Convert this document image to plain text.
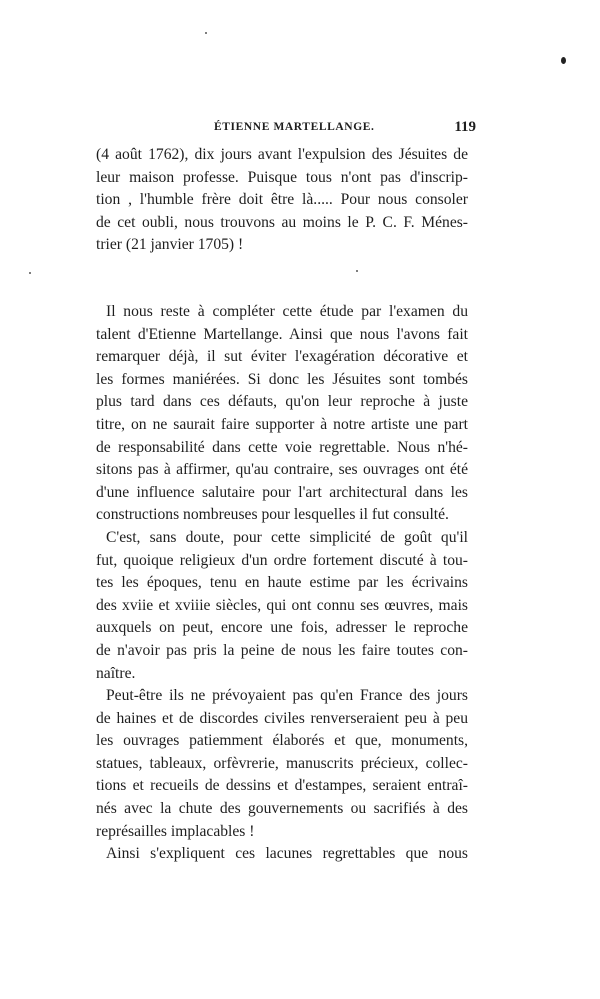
ÉTIENNE MARTELLANGE.	119
(4 août 1762), dix jours avant l'expulsion des Jésuites de
leur maison professe. Puisque tous n'ont pas d'inscrip-
tion , l'humble frère doit être là..... Pour nous consoler
de cet oubli, nous trouvons au moins le P. C. F. Ménes-
trier (21 janvier 1705) !
Il nous reste à compléter cette étude par l'examen du
talent d'Etienne Martellange. Ainsi que nous l'avons fait
remarquer déjà, il sut éviter l'exagération décorative et
les formes maniérées. Si donc les Jésuites sont tombés
plus tard dans ces défauts, qu'on leur reproche à juste
titre, on ne saurait faire supporter à notre artiste une part
de responsabilité dans cette voie regrettable. Nous n'hé-
sitons pas à affirmer, qu'au contraire, ses ouvrages ont été
d'une influence salutaire pour l'art architectural dans les
constructions nombreuses pour lesquelles il fut consulté.
C'est, sans doute, pour cette simplicité de goût qu'il
fut, quoique religieux d'un ordre fortement discuté à tou-
tes les époques, tenu en haute estime par les écrivains
des xviie et xviiie siècles, qui ont connu ses œuvres, mais
auxquels on peut, encore une fois, adresser le reproche
de n'avoir pas pris la peine de nous les faire toutes con-
naître.
Peut-être ils ne prévoyaient pas qu'en France des jours
de haines et de discordes civiles renverseraient peu à peu
les ouvrages patiemment élaborés et que, monuments,
statues, tableaux, orfèvrerie, manuscrits précieux, collec-
tions et recueils de dessins et d'estampes, seraient entraî-
nés avec la chute des gouvernements ou sacrifiés à des
représailles implacables !
Ainsi s'expliquent ces lacunes regrettables que nous
